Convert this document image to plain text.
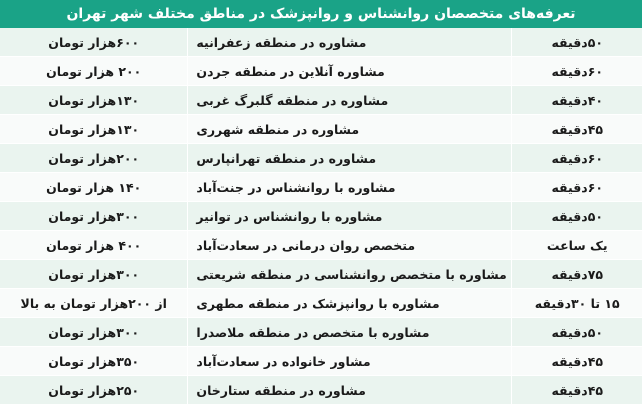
تعرفه‌های متخصصان روانشناس و روانپزشک در مناطق مختلف شهر تهران
۵۰دقیقه
مشاوره در منطقه زعفرانیه
۶۰۰هزار تومان
۶۰دقیقه
مشاوره آنلاین در منطقه جردن
۲۰۰ هزار تومان
۴۰دقیقه
مشاوره در منطقه گلبرگ غربی
۱۳۰هزار تومان
۴۵دقیقه
مشاوره در منطقه شهرری
۱۳۰هزار تومان
۶۰دقیقه
مشاوره در منطقه تهرانپارس
۲۰۰هزار تومان
۶۰دقیقه
مشاوره با روانشناس در جنت‌آباد
۱۴۰ هزار تومان
۵۰دقیقه
مشاوره با روانشناس در توانیر
۳۰۰هزار تومان
یک ساعت
متخصص روان درمانی در سعادت‌آباد
۴۰۰ هزار تومان
۷۵دقیقه
مشاوره با متخصص روانشناسی در منطقه شریعتی
۳۰۰هزار تومان
۱۵ تا ۳۰دقیقه
مشاوره با روانپزشک در منطقه مطهری
از ۲۰۰هزار تومان به بالا
۵۰دقیقه
مشاوره با متخصص در منطقه ملاصدرا
۳۰۰هزار تومان
۴۵دقیقه
مشاور خانواده در سعادت‌آباد
۳۵۰هزار تومان
۴۵دقیقه
مشاوره در منطقه ستارخان
۲۵۰هزار تومان
